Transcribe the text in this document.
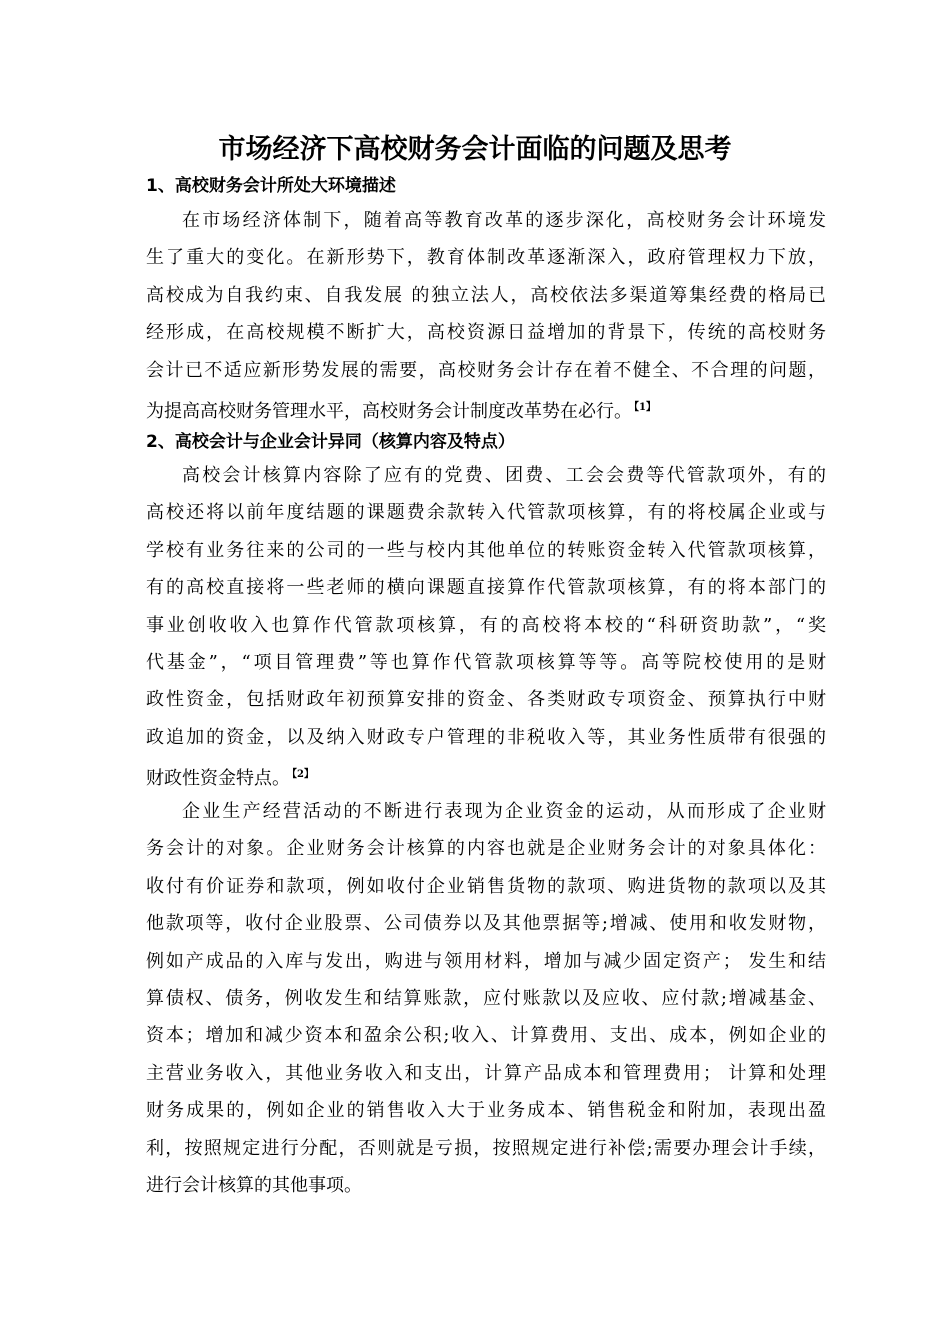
市场经济下高校财务会计面临的问题及思考
1、高校财务会计所处大环境描述
在市场经济体制下，随着高等教育改革的逐步深化，高校财务会计环境发
生了重大的变化。在新形势下，教育体制改革逐渐深入，政府管理权力下放，
高校成为自我约束、自我发展 的独立法人，高校依法多渠道筹集经费的格局已
经形成，在高校规模不断扩大，高校资源日益增加的背景下，传统的高校财务
会计已不适应新形势发展的需要，高校财务会计存在着不健全、不合理的问题，
为提高高校财务管理水平，高校财务会计制度改革势在必行。 $^{【1】}$
2、高校会计与企业会计异同（核算内容及特点）
高校会计核算内容除了应有的党费、团费、工会会费等代管款项外，有的
高校还将以前年度结题的课题费余款转入代管款项核算，有的将校属企业或与
学校有业务往来的公司的一些与校内其他单位的转账资金转入代管款项核算，
有的高校直接将一些老师的横向课题直接算作代管款项核算，有的将本部门的
事业创收收入也算作代管款项核算，有的高校将本校的“科研资助款”，“奖
代基金”，“项目管理费”等也算作代管款项核算等等。高等院校使用的是财
政性资金，包括财政年初预算安排的资金、各类财政专项资金、预算执行中财
政追加的资金，以及纳入财政专户管理的非税收入等，其业务性质带有很强的
财政性资金特点。 $^{【2】}$
企业生产经营活动的不断进行表现为企业资金的运动，从而形成了企业财
务会计的对象。企业财务会计核算的内容也就是企业财务会计的对象具体化：
收付有价证券和款项，例如收付企业销售货物的款项、购进货物的款项以及其
他款项等，收付企业股票、公司债券以及其他票据等;增减、使用和收发财物，
例如产成品的入库与发出，购进与领用材料，增加与减少固定资产； 发生和结
算债权、债务，例收发生和结算账款，应付账款以及应收、应付款;增减基金、
资本；增加和减少资本和盈余公积;收入、计算费用、支出、成本，例如企业的
主营业务收入，其他业务收入和支出，计算产品成本和管理费用； 计算和处理
财务成果的，例如企业的销售收入大于业务成本、销售税金和附加，表现出盈
利，按照规定进行分配，否则就是亏损，按照规定进行补偿;需要办理会计手续，
进行会计核算的其他事项。
